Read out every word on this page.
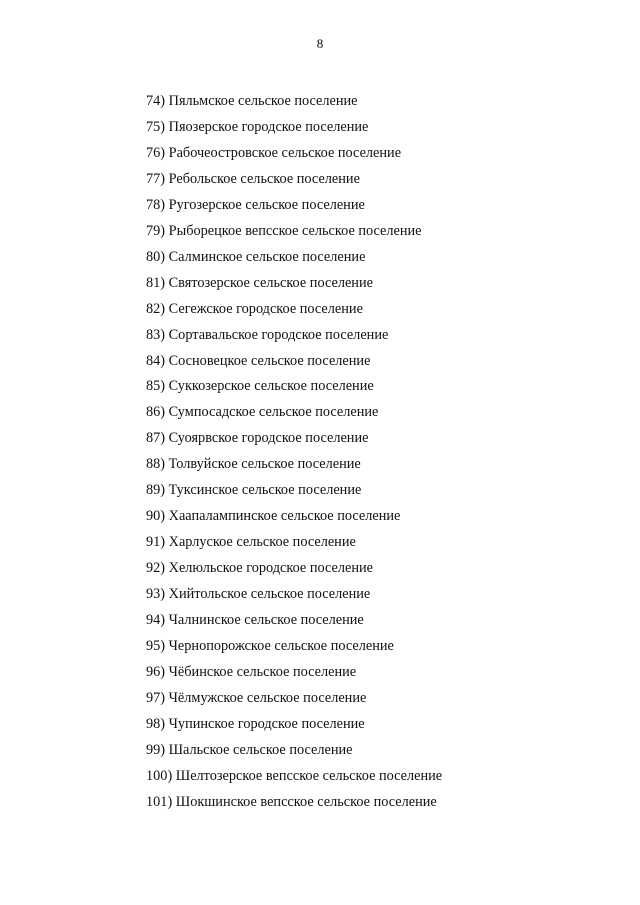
8
74) Пяльмское сельское поселение
75) Пяозерское городское поселение
76) Рабочеостровское сельское поселение
77) Ребольское сельское поселение
78) Ругозерское сельское поселение
79) Рыборецкое вепсское сельское поселение
80) Салминское сельское поселение
81) Святозерское сельское поселение
82) Сегежское городское поселение
83) Сортавальское городское поселение
84) Сосновецкое сельское поселение
85) Суккозерское сельское поселение
86) Сумпосадское сельское поселение
87) Суоярвское городское поселение
88) Толвуйское сельское поселение
89) Туксинское сельское поселение
90) Хаапалампинское сельское поселение
91) Харлуское сельское поселение
92) Хелюльское городское поселение
93) Хийтольское сельское поселение
94) Чалнинское сельское поселение
95) Чернопорожское сельское поселение
96) Чёбинское сельское поселение
97) Чёлмужское сельское поселение
98) Чупинское городское поселение
99) Шальское сельское поселение
100) Шелтозерское вепсское сельское поселение
101) Шокшинское вепсское сельское поселение
